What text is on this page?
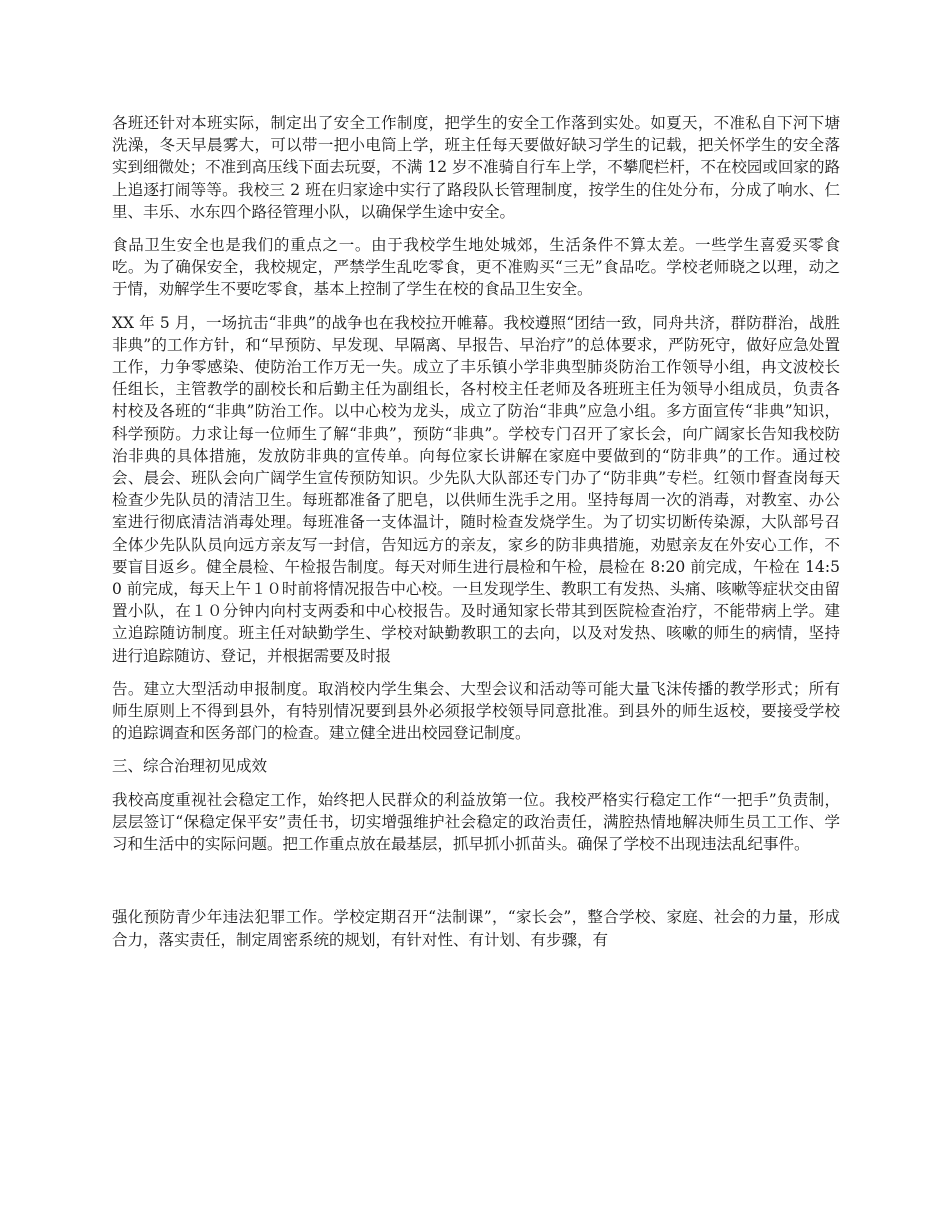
各班还针对本班实际，制定出了安全工作制度，把学生的安全工作落到实处。如夏天，不准私自下河下塘洗澡，冬天早晨雾大，可以带一把小电筒上学，班主任每天要做好缺习学生的记载，把关怀学生的安全落实到细微处；不准到高压线下面去玩耍，不满 12 岁不准骑自行车上学，不攀爬栏杆，不在校园或回家的路上追逐打闹等等。我校三 2 班在归家途中实行了路段队长管理制度，按学生的住处分布，分成了响水、仁里、丰乐、水东四个路径管理小队，以确保学生途中安全。

食品卫生安全也是我们的重点之一。由于我校学生地处城郊，生活条件不算太差。一些学生喜爱买零食吃。为了确保安全，我校规定，严禁学生乱吃零食，更不准购买“三无”食品吃。学校老师晓之以理，动之于情，劝解学生不要吃零食，基本上控制了学生在校的食品卫生安全。

XX 年 5 月，一场抗击“非典”的战争也在我校拉开帷幕。我校遵照“团结一致，同舟共济，群防群治，战胜非典”的工作方针，和“早预防、早发现、早隔离、早报告、早治疗”的总体要求，严防死守，做好应急处置工作，力争零感染、使防治工作万无一失。成立了丰乐镇小学非典型肺炎防治工作领导小组，冉文波校长任组长，主管教学的副校长和后勤主任为副组长，各村校主任老师及各班班主任为领导小组成员，负责各村校及各班的“非典”防治工作。以中心校为龙头，成立了防治“非典”应急小组。多方面宣传“非典”知识，科学预防。力求让每一位师生了解“非典”，预防“非典”。学校专门召开了家长会，向广阔家长告知我校防治非典的具体措施，发放防非典的宣传单。向每位家长讲解在家庭中要做到的“防非典”的工作。通过校会、晨会、班队会向广阔学生宣传预防知识。少先队大队部还专门办了“防非典”专栏。红领巾督查岗每天检查少先队员的清洁卫生。每班都准备了肥皂，以供师生洗手之用。坚持每周一次的消毒，对教室、办公室进行彻底清洁消毒处理。每班准备一支体温计，随时检查发烧学生。为了切实切断传染源，大队部号召全体少先队队员向远方亲友写一封信，告知远方的亲友，家乡的防非典措施，劝慰亲友在外安心工作，不要盲目返乡。健全晨检、午检报告制度。每天对师生进行晨检和午检，晨检在 8:20 前完成，午检在 14:50 前完成，每天上午１０时前将情况报告中心校。一旦发现学生、教职工有发热、头痛、咳嗽等症状交由留置小队，在１０分钟内向村支两委和中心校报告。及时通知家长带其到医院检查治疗，不能带病上学。建立追踪随访制度。班主任对缺勤学生、学校对缺勤教职工的去向，以及对发热、咳嗽的师生的病情，坚持进行追踪随访、登记，并根据需要及时报

告。建立大型活动申报制度。取消校内学生集会、大型会议和活动等可能大量飞沫传播的教学形式；所有师生原则上不得到县外，有特别情况要到县外必须报学校领导同意批准。到县外的师生返校，要接受学校的追踪调查和医务部门的检查。建立健全进出校园登记制度。

三、综合治理初见成效

我校高度重视社会稳定工作，始终把人民群众的利益放第一位。我校严格实行稳定工作“一把手”负责制，层层签订“保稳定保平安”责任书，切实增强维护社会稳定的政治责任，满腔热情地解决师生员工工作、学习和生活中的实际问题。把工作重点放在最基层，抓早抓小抓苗头。确保了学校不出现违法乱纪事件。

强化预防青少年违法犯罪工作。学校定期召开“法制课”，“家长会”，整合学校、家庭、社会的力量，形成合力，落实责任，制定周密系统的规划，有针对性、有计划、有步骤，有
